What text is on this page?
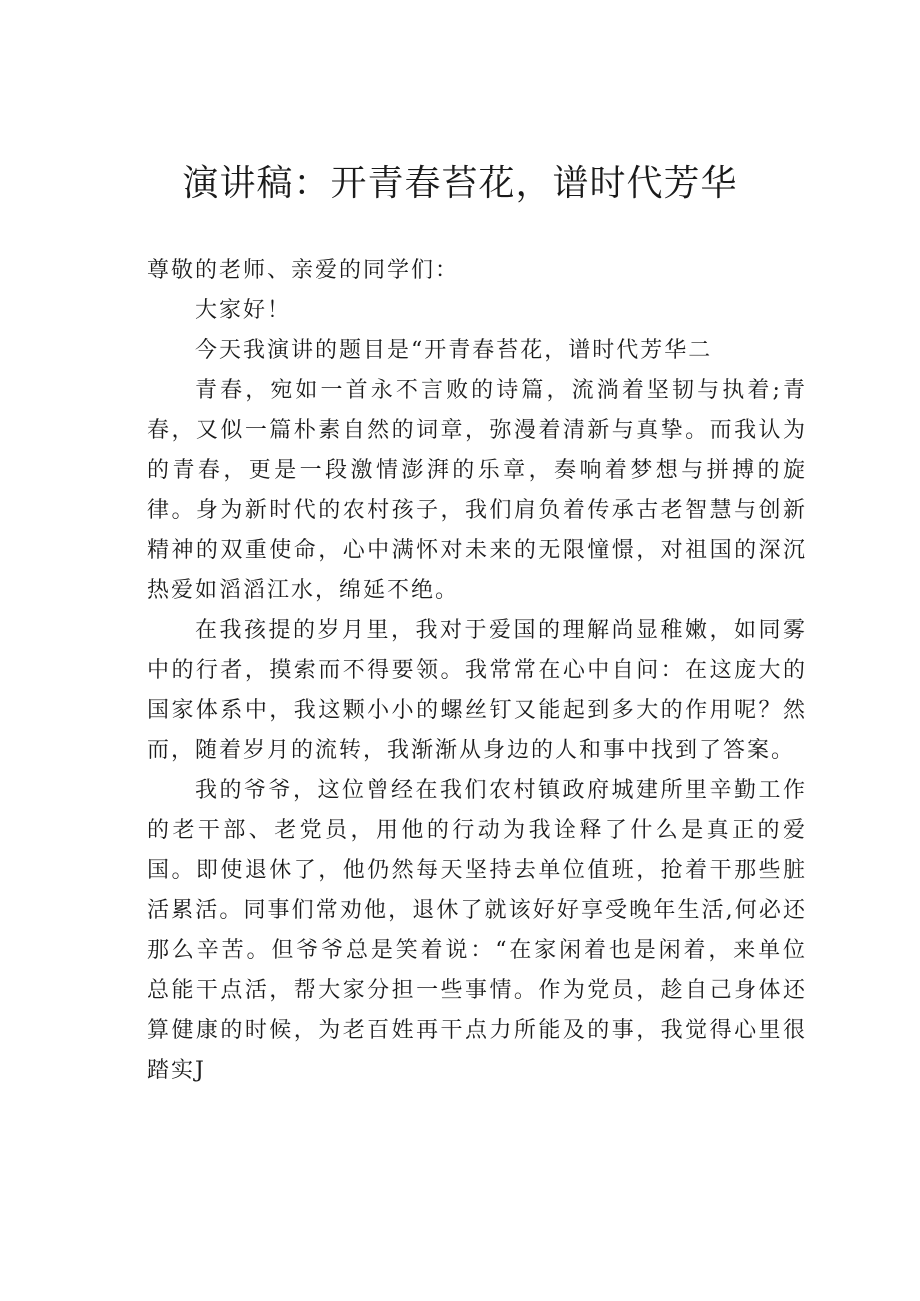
演讲稿：开青春苔花，谱时代芳华

尊敬的老师、亲爱的同学们：

大家好！

今天我演讲的题目是“开青春苔花，谱时代芳华二

青春，宛如一首永不言败的诗篇，流淌着坚韧与执着;青春，又似一篇朴素自然的词章，弥漫着清新与真挚。而我认为的青春，更是一段激情澎湃的乐章，奏响着梦想与拼搏的旋律。身为新时代的农村孩子，我们肩负着传承古老智慧与创新精神的双重使命，心中满怀对未来的无限憧憬，对祖国的深沉热爱如滔滔江水，绵延不绝。

在我孩提的岁月里，我对于爱国的理解尚显稚嫩，如同雾中的行者，摸索而不得要领。我常常在心中自问：在这庞大的国家体系中，我这颗小小的螺丝钉又能起到多大的作用呢？然而，随着岁月的流转，我渐渐从身边的人和事中找到了答案。

我的爷爷，这位曾经在我们农村镇政府城建所里辛勤工作的老干部、老党员，用他的行动为我诠释了什么是真正的爱国。即使退休了，他仍然每天坚持去单位值班，抢着干那些脏活累活。同事们常劝他，退休了就该好好享受晚年生活,何必还那么辛苦。但爷爷总是笑着说：“在家闲着也是闲着，来单位总能干点活，帮大家分担一些事情。作为党员，趁自己身体还算健康的时候，为老百姓再干点力所能及的事，我觉得心里很踏实J
